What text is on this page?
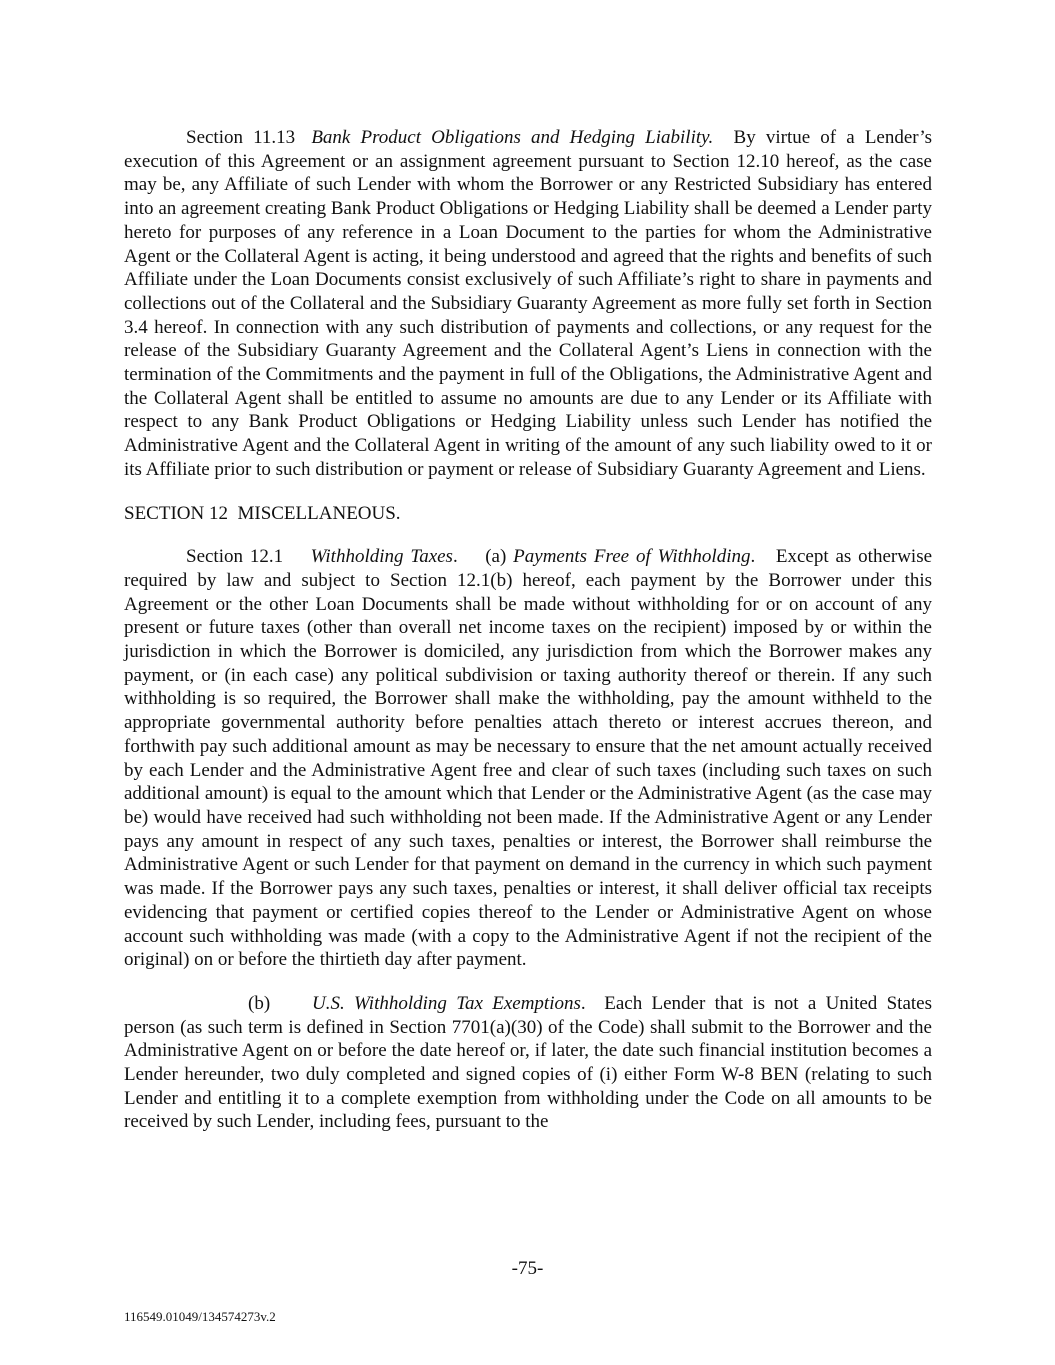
Section 11.13 Bank Product Obligations and Hedging Liability. By virtue of a Lender’s execution of this Agreement or an assignment agreement pursuant to Section 12.10 hereof, as the case may be, any Affiliate of such Lender with whom the Borrower or any Restricted Subsidiary has entered into an agreement creating Bank Product Obligations or Hedging Liability shall be deemed a Lender party hereto for purposes of any reference in a Loan Document to the parties for whom the Administrative Agent or the Collateral Agent is acting, it being understood and agreed that the rights and benefits of such Affiliate under the Loan Documents consist exclusively of such Affiliate’s right to share in payments and collections out of the Collateral and the Subsidiary Guaranty Agreement as more fully set forth in Section 3.4 hereof. In connection with any such distribution of payments and collections, or any request for the release of the Subsidiary Guaranty Agreement and the Collateral Agent’s Liens in connection with the termination of the Commitments and the payment in full of the Obligations, the Administrative Agent and the Collateral Agent shall be entitled to assume no amounts are due to any Lender or its Affiliate with respect to any Bank Product Obligations or Hedging Liability unless such Lender has notified the Administrative Agent and the Collateral Agent in writing of the amount of any such liability owed to it or its Affiliate prior to such distribution or payment or release of Subsidiary Guaranty Agreement and Liens.

SECTION 12  MISCELLANEOUS.

Section 12.1 Withholding Taxes.    (a) Payments Free of Withholding.   Except as otherwise required by law and subject to Section 12.1(b) hereof, each payment by the Borrower under this Agreement or the other Loan Documents shall be made without withholding for or on account of any present or future taxes (other than overall net income taxes on the recipient) imposed by or within the jurisdiction in which the Borrower is domiciled, any jurisdiction from which the Borrower makes any payment, or (in each case) any political subdivision or taxing authority thereof or therein. If any such withholding is so required, the Borrower shall make the withholding, pay the amount withheld to the appropriate governmental authority before penalties attach thereto or interest accrues thereon, and forthwith pay such additional amount as may be necessary to ensure that the net amount actually received by each Lender and the Administrative Agent free and clear of such taxes (including such taxes on such additional amount) is equal to the amount which that Lender or the Administrative Agent (as the case may be) would have received had such withholding not been made. If the Administrative Agent or any Lender pays any amount in respect of any such taxes, penalties or interest, the Borrower shall reimburse the Administrative Agent or such Lender for that payment on demand in the currency in which such payment was made. If the Borrower pays any such taxes, penalties or interest, it shall deliver official tax receipts evidencing that payment or certified copies thereof to the Lender or Administrative Agent on whose account such withholding was made (with a copy to the Administrative Agent if not the recipient of the original) on or before the thirtieth day after payment.

(b) U.S. Withholding Tax Exemptions.  Each Lender that is not a United States person (as such term is defined in Section 7701(a)(30) of the Code) shall submit to the Borrower and the Administrative Agent on or before the date hereof or, if later, the date such financial institution becomes a Lender hereunder, two duly completed and signed copies of (i) either Form W-8 BEN (relating to such Lender and entitling it to a complete exemption from withholding under the Code on all amounts to be received by such Lender, including fees, pursuant to the

-75-
116549.01049/134574273v.2
